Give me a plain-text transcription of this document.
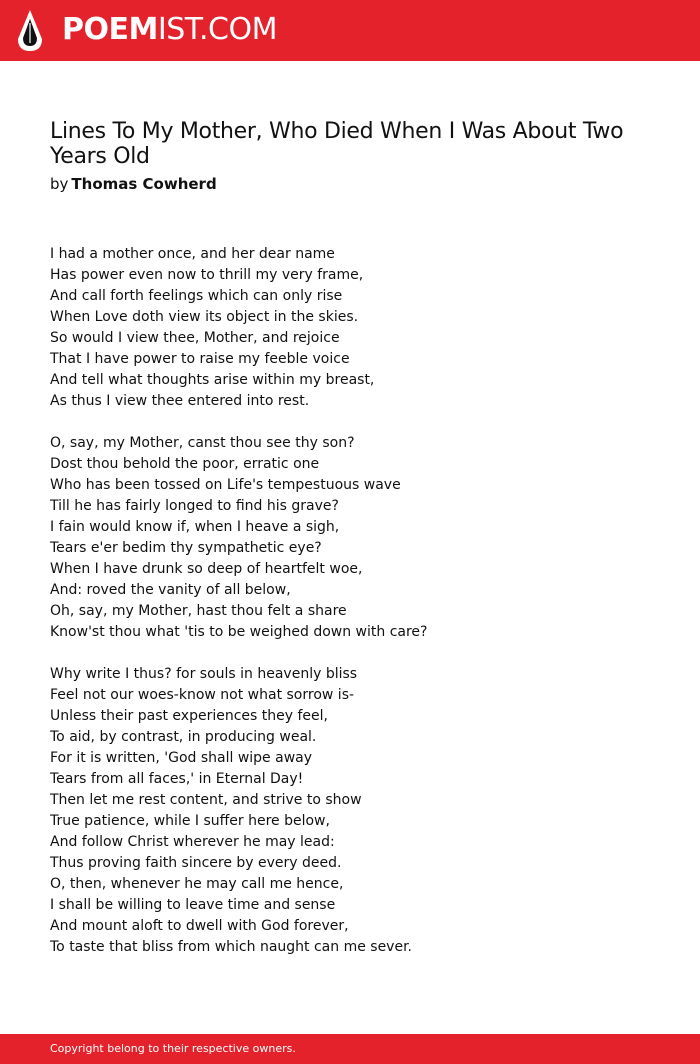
POEMIST.COM
Lines To My Mother, Who Died When I Was About Two Years Old
by Thomas Cowherd
I had a mother once, and her dear name
Has power even now to thrill my very frame,
And call forth feelings which can only rise
When Love doth view its object in the skies.
So would I view thee, Mother, and rejoice
That I have power to raise my feeble voice
And tell what thoughts arise within my breast,
As thus I view thee entered into rest.
O, say, my Mother, canst thou see thy son?
Dost thou behold the poor, erratic one
Who has been tossed on Life's tempestuous wave
Till he has fairly longed to find his grave?
I fain would know if, when I heave a sigh,
Tears e'er bedim thy sympathetic eye?
When I have drunk so deep of heartfelt woe,
And: roved the vanity of all below,
Oh, say, my Mother, hast thou felt a share
Know'st thou what 'tis to be weighed down with care?
Why write I thus? for souls in heavenly bliss
Feel not our woes-know not what sorrow is-
Unless their past experiences they feel,
To aid, by contrast, in producing weal.
For it is written, 'God shall wipe away
Tears from all faces,' in Eternal Day!
Then let me rest content, and strive to show
True patience, while I suffer here below,
And follow Christ wherever he may lead:
Thus proving faith sincere by every deed.
O, then, whenever he may call me hence,
I shall be willing to leave time and sense
And mount aloft to dwell with God forever,
To taste that bliss from which naught can me sever.
Copyright belong to their respective owners.
